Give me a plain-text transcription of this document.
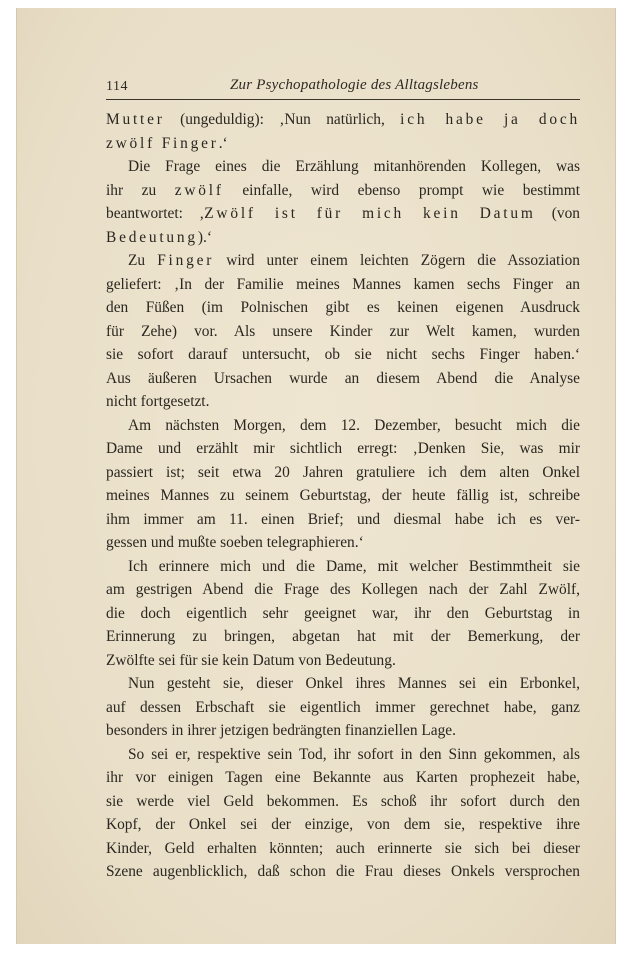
114	Zur Psychopathologie des Alltagslebens
Mutter (ungeduldig): ‚Nun natürlich, ich habe ja doch
zwölf Finger.‘
Die Frage eines die Erzählung mitanhörenden Kollegen, was
ihr zu zwölf einfalle, wird ebenso prompt wie bestimmt
beantwortet: ‚Zwölf ist für mich kein Datum (von
Bedeutung).‘
Zu Finger wird unter einem leichten Zögern die Assoziation
geliefert: ‚In der Familie meines Mannes kamen sechs Finger an
den Füßen (im Polnischen gibt es keinen eigenen Ausdruck
für Zehe) vor. Als unsere Kinder zur Welt kamen, wurden
sie sofort darauf untersucht, ob sie nicht sechs Finger haben.‘
Aus äußeren Ursachen wurde an diesem Abend die Analyse
nicht fortgesetzt.
Am nächsten Morgen, dem 12. Dezember, besucht mich die
Dame und erzählt mir sichtlich erregt: ‚Denken Sie, was mir
passiert ist; seit etwa 20 Jahren gratuliere ich dem alten Onkel
meines Mannes zu seinem Geburtstag, der heute fällig ist, schreibe
ihm immer am 11. einen Brief; und diesmal habe ich es ver-
gessen und mußte soeben telegraphieren.‘
Ich erinnere mich und die Dame, mit welcher Bestimmtheit sie
am gestrigen Abend die Frage des Kollegen nach der Zahl Zwölf,
die doch eigentlich sehr geeignet war, ihr den Geburtstag in
Erinnerung zu bringen, abgetan hat mit der Bemerkung, der
Zwölfte sei für sie kein Datum von Bedeutung.
Nun gesteht sie, dieser Onkel ihres Mannes sei ein Erbonkel,
auf dessen Erbschaft sie eigentlich immer gerechnet habe, ganz
besonders in ihrer jetzigen bedrängten finanziellen Lage.
So sei er, respektive sein Tod, ihr sofort in den Sinn gekommen, als
ihr vor einigen Tagen eine Bekannte aus Karten prophezeit habe,
sie werde viel Geld bekommen. Es schoß ihr sofort durch den
Kopf, der Onkel sei der einzige, von dem sie, respektive ihre
Kinder, Geld erhalten könnten; auch erinnerte sie sich bei dieser
Szene augenblicklich, daß schon die Frau dieses Onkels versprochen
